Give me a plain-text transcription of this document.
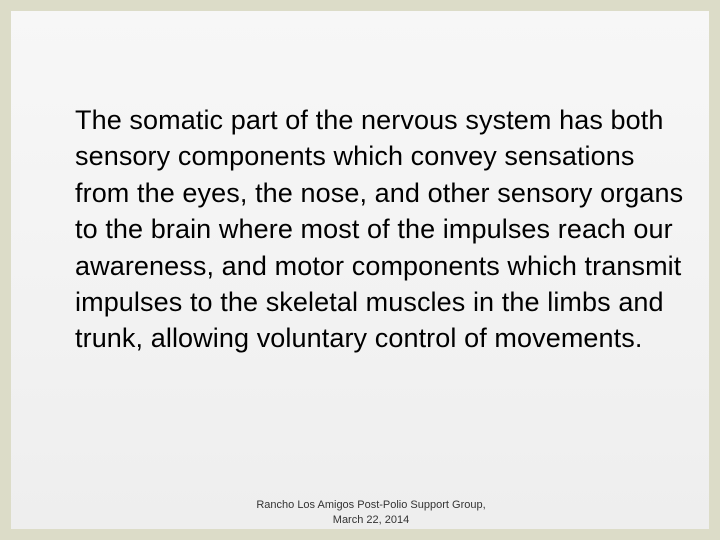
The somatic part of the nervous system has both sensory components which convey sensations from the eyes, the nose, and other sensory organs to the brain where most of the impulses reach our awareness, and motor components which transmit impulses to the skeletal muscles in the limbs and trunk, allowing voluntary control of movements.

Rancho Los Amigos Post-Polio Support Group, March 22, 2014
